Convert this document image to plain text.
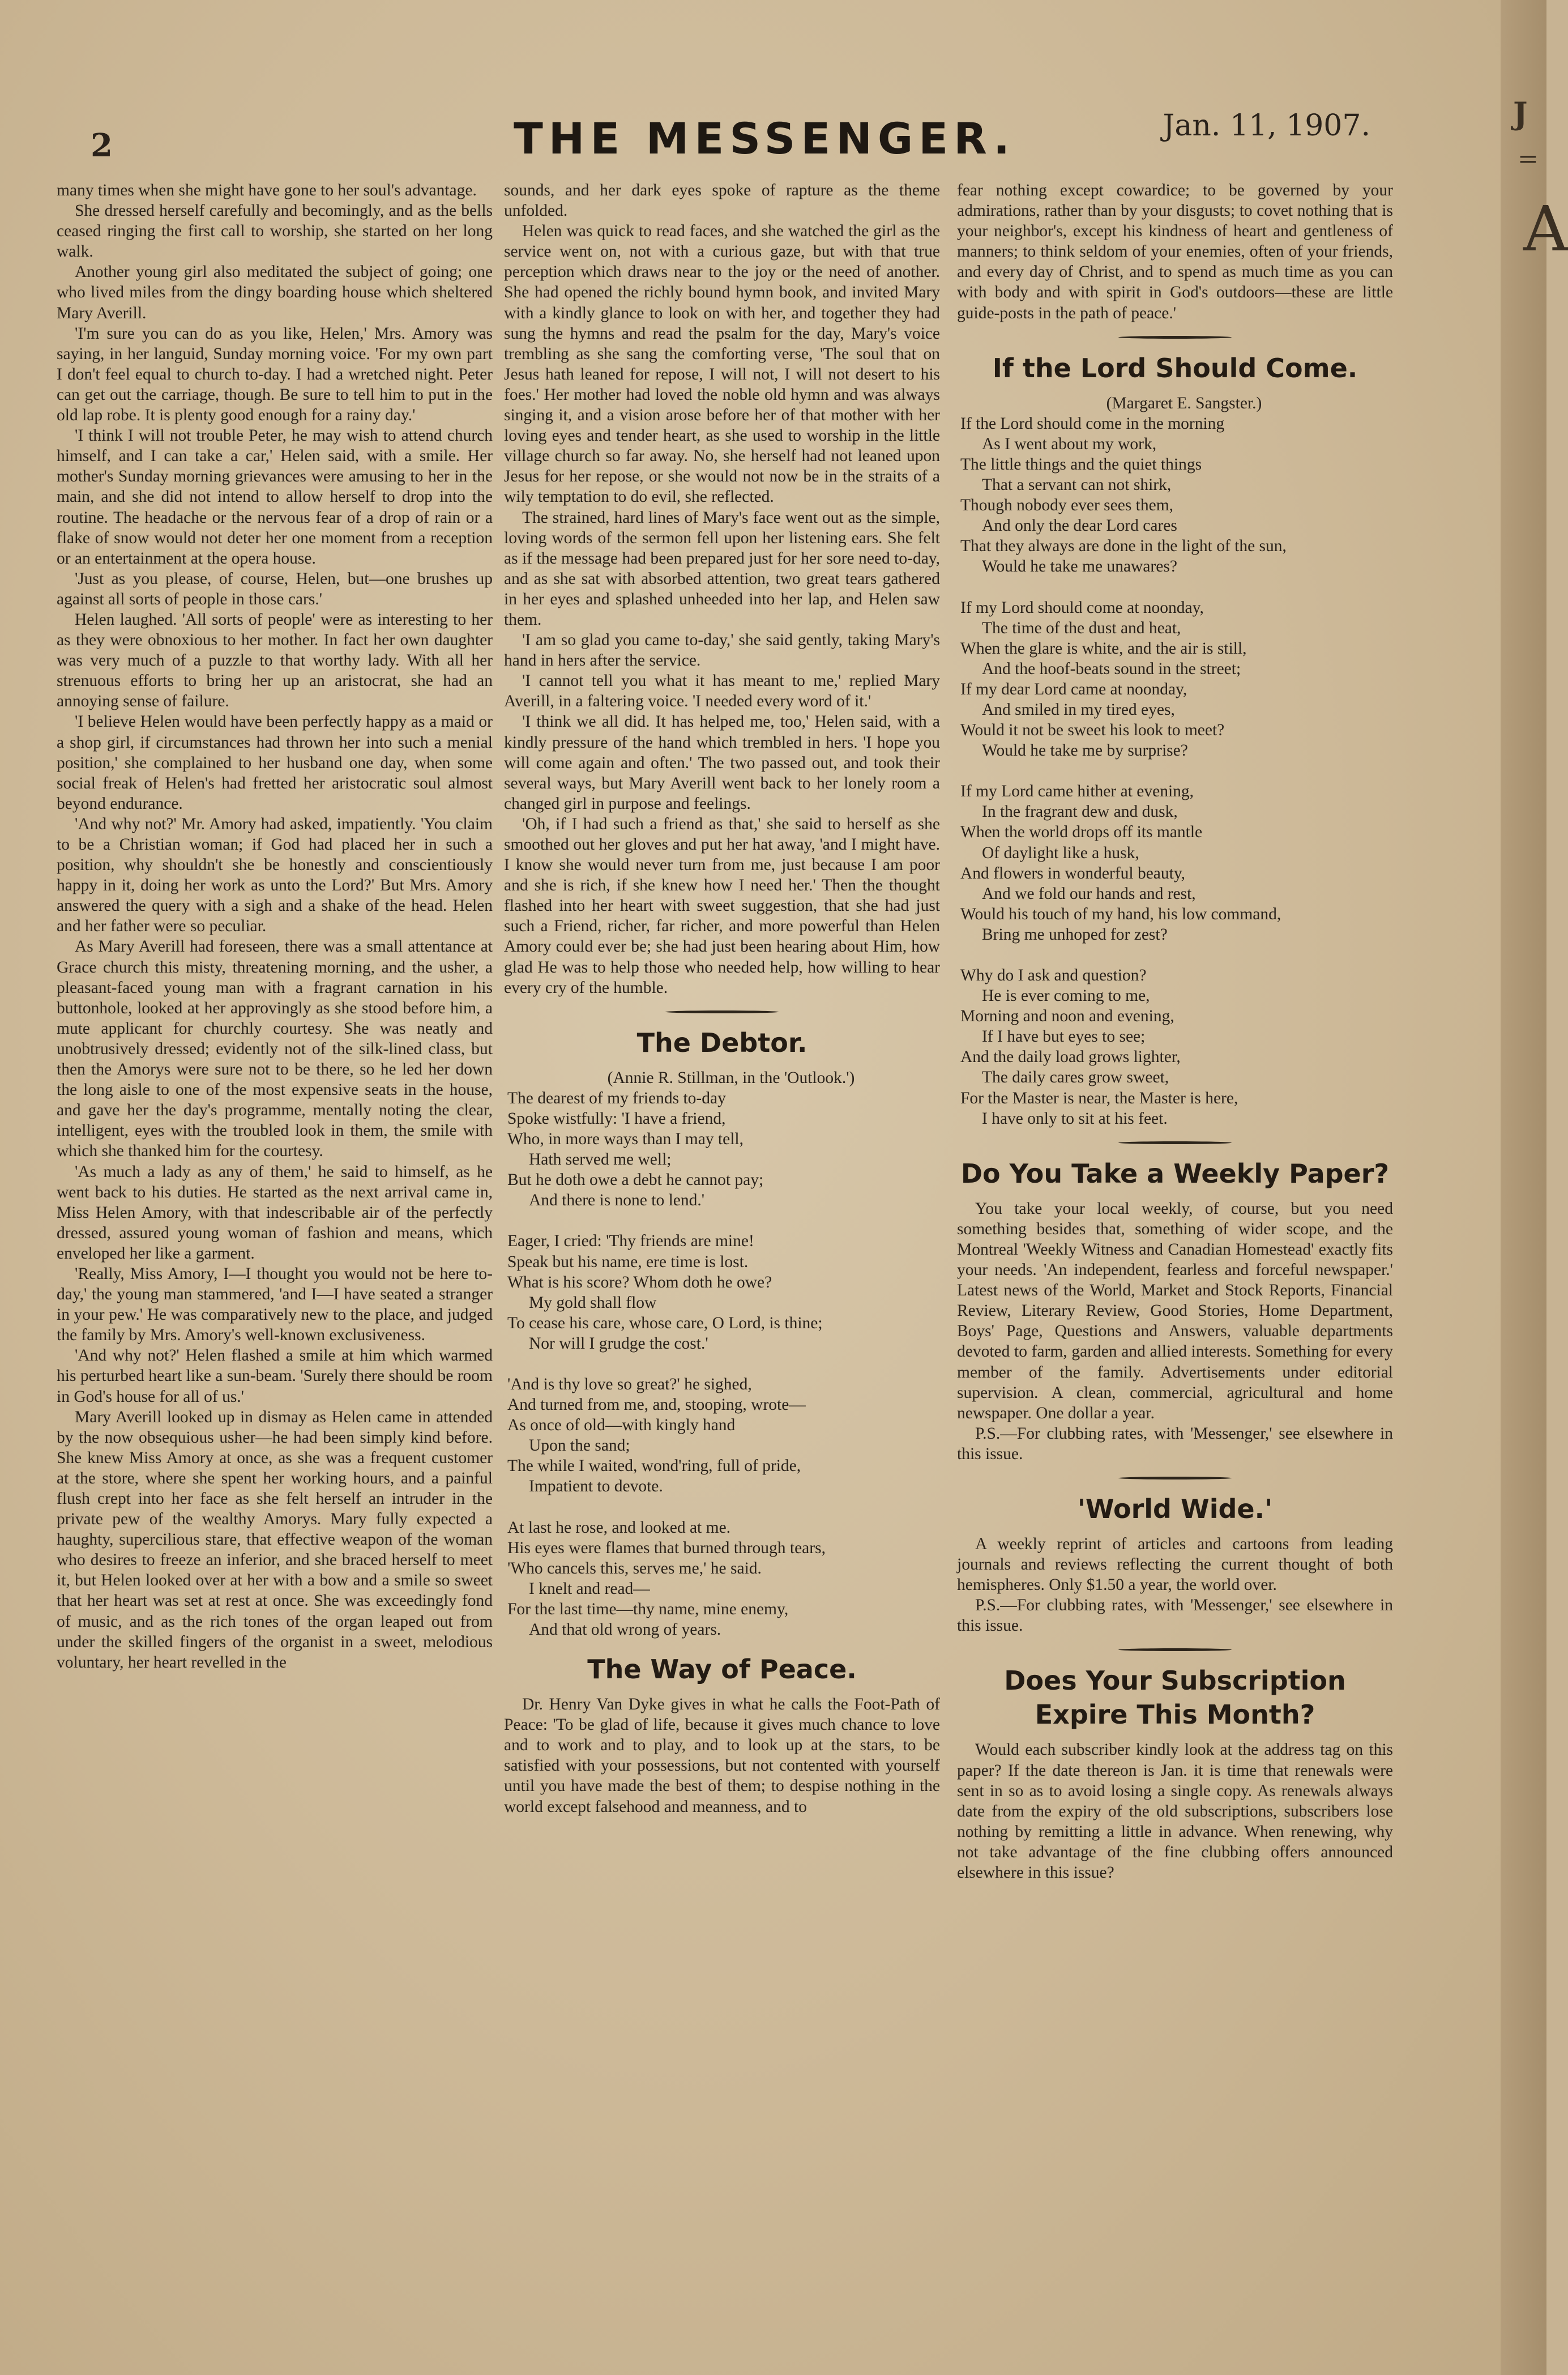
J
=
A
2	THE MESSENGER.	Jan. 11, 1907.

many times when she might have gone to her soul's advantage.

She dressed herself carefully and becomingly, and as the bells ceased ringing the first call to worship, she started on her long walk.

Another young girl also meditated the subject of going; one who lived miles from the dingy boarding house which sheltered Mary Averill.

'I'm sure you can do as you like, Helen,' Mrs. Amory was saying, in her languid, Sunday morning voice. 'For my own part I don't feel equal to church to-day. I had a wretched night. Peter can get out the carriage, though. Be sure to tell him to put in the old lap robe. It is plenty good enough for a rainy day.'

'I think I will not trouble Peter, he may wish to attend church himself, and I can take a car,' Helen said, with a smile. Her mother's Sunday morning grievances were amusing to her in the main, and she did not intend to allow herself to drop into the routine. The headache or the nervous fear of a drop of rain or a flake of snow would not deter her one moment from a reception or an entertainment at the opera house.

'Just as you please, of course, Helen, but—one brushes up against all sorts of people in those cars.'

Helen laughed. 'All sorts of people' were as interesting to her as they were obnoxious to her mother. In fact her own daughter was very much of a puzzle to that worthy lady. With all her strenuous efforts to bring her up an aristocrat, she had an annoying sense of failure.

'I believe Helen would have been perfectly happy as a maid or a shop girl, if circumstances had thrown her into such a menial position,' she complained to her husband one day, when some social freak of Helen's had fretted her aristocratic soul almost beyond endurance.

'And why not?' Mr. Amory had asked, impatiently. 'You claim to be a Christian woman; if God had placed her in such a position, why shouldn't she be honestly and conscientiously happy in it, doing her work as unto the Lord?' But Mrs. Amory answered the query with a sigh and a shake of the head. Helen and her father were so peculiar.

As Mary Averill had foreseen, there was a small attentance at Grace church this misty, threatening morning, and the usher, a pleasant-faced young man with a fragrant carnation in his buttonhole, looked at her approvingly as she stood before him, a mute applicant for churchly courtesy. She was neatly and unobtrusively dressed; evidently not of the silk-lined class, but then the Amorys were sure not to be there, so he led her down the long aisle to one of the most expensive seats in the house, and gave her the day's programme, mentally noting the clear, intelligent, eyes with the troubled look in them, the smile with which she thanked him for the courtesy.

'As much a lady as any of them,' he said to himself, as he went back to his duties. He started as the next arrival came in, Miss Helen Amory, with that indescribable air of the perfectly dressed, assured young woman of fashion and means, which enveloped her like a garment.

'Really, Miss Amory, I—I thought you would not be here to-day,' the young man stammered, 'and I—I have seated a stranger in your pew.' He was comparatively new to the place, and judged the family by Mrs. Amory's well-known exclusiveness.

'And why not?' Helen flashed a smile at him which warmed his perturbed heart like a sun-beam. 'Surely there should be room in God's house for all of us.'

Mary Averill looked up in dismay as Helen came in attended by the now obsequious usher—he had been simply kind before. She knew Miss Amory at once, as she was a frequent customer at the store, where she spent her working hours, and a painful flush crept into her face as she felt herself an intruder in the private pew of the wealthy Amorys. Mary fully expected a haughty, supercilious stare, that effective weapon of the woman who desires to freeze an inferior, and she braced herself to meet it, but Helen looked over at her with a bow and a smile so sweet that her heart was set at rest at once. She was exceedingly fond of music, and as the rich tones of the organ leaped out from under the skilled fingers of the organist in a sweet, melodious voluntary, her heart revelled in the

sounds, and her dark eyes spoke of rapture as the theme unfolded.

Helen was quick to read faces, and she watched the girl as the service went on, not with a curious gaze, but with that true perception which draws near to the joy or the need of another. She had opened the richly bound hymn book, and invited Mary with a kindly glance to look on with her, and together they had sung the hymns and read the psalm for the day, Mary's voice trembling as she sang the comforting verse, 'The soul that on Jesus hath leaned for repose, I will not, I will not desert to his foes.' Her mother had loved the noble old hymn and was always singing it, and a vision arose before her of that mother with her loving eyes and tender heart, as she used to worship in the little village church so far away. No, she herself had not leaned upon Jesus for her repose, or she would not now be in the straits of a wily temptation to do evil, she reflected.

The strained, hard lines of Mary's face went out as the simple, loving words of the sermon fell upon her listening ears. She felt as if the message had been prepared just for her sore need to-day, and as she sat with absorbed attention, two great tears gathered in her eyes and splashed unheeded into her lap, and Helen saw them.

'I am so glad you came to-day,' she said gently, taking Mary's hand in hers after the service.

'I cannot tell you what it has meant to me,' replied Mary Averill, in a faltering voice. 'I needed every word of it.'

'I think we all did. It has helped me, too,' Helen said, with a kindly pressure of the hand which trembled in hers. 'I hope you will come again and often.' The two passed out, and took their several ways, but Mary Averill went back to her lonely room a changed girl in purpose and feelings.

'Oh, if I had such a friend as that,' she said to herself as she smoothed out her gloves and put her hat away, 'and I might have. I know she would never turn from me, just because I am poor and she is rich, if she knew how I need her.' Then the thought flashed into her heart with sweet suggestion, that she had just such a Friend, richer, far richer, and more powerful than Helen Amory could ever be; she had just been hearing about Him, how glad He was to help those who needed help, how willing to hear every cry of the humble.

The Debtor.

(Annie R. Stillman, in the 'Outlook.')

The dearest of my friends to-day
Spoke wistfully: 'I have a friend,
Who, in more ways than I may tell,
Hath served me well;
But he doth owe a debt he cannot pay;
And there is none to lend.'
Eager, I cried: 'Thy friends are mine!
Speak but his name, ere time is lost.
What is his score? Whom doth he owe?
My gold shall flow
To cease his care, whose care, O Lord, is thine;
Nor will I grudge the cost.'
'And is thy love so great?' he sighed,
And turned from me, and, stooping, wrote—
As once of old—with kingly hand
Upon the sand;
The while I waited, wond'ring, full of pride,
Impatient to devote.
At last he rose, and looked at me.
His eyes were flames that burned through tears,
'Who cancels this, serves me,' he said.
I knelt and read—
For the last time—thy name, mine enemy,
And that old wrong of years.
The Way of Peace.

Dr. Henry Van Dyke gives in what he calls the Foot-Path of Peace: 'To be glad of life, because it gives much chance to love and to work and to play, and to look up at the stars, to be satisfied with your possessions, but not contented with yourself until you have made the best of them; to despise nothing in the world except falsehood and meanness, and to

fear nothing except cowardice; to be governed by your admirations, rather than by your disgusts; to covet nothing that is your neighbor's, except his kindness of heart and gentleness of manners; to think seldom of your enemies, often of your friends, and every day of Christ, and to spend as much time as you can with body and with spirit in God's outdoors—these are little guide-posts in the path of peace.'

If the Lord Should Come.

(Margaret E. Sangster.)

If the Lord should come in the morning
As I went about my work,
The little things and the quiet things
That a servant can not shirk,
Though nobody ever sees them,
And only the dear Lord cares
That they always are done in the light of the sun,
Would he take me unawares?
If my Lord should come at noonday,
The time of the dust and heat,
When the glare is white, and the air is still,
And the hoof-beats sound in the street;
If my dear Lord came at noonday,
And smiled in my tired eyes,
Would it not be sweet his look to meet?
Would he take me by surprise?
If my Lord came hither at evening,
In the fragrant dew and dusk,
When the world drops off its mantle
Of daylight like a husk,
And flowers in wonderful beauty,
And we fold our hands and rest,
Would his touch of my hand, his low command,
Bring me unhoped for zest?
Why do I ask and question?
He is ever coming to me,
Morning and noon and evening,
If I have but eyes to see;
And the daily load grows lighter,
The daily cares grow sweet,
For the Master is near, the Master is here,
I have only to sit at his feet.
Do You Take a Weekly Paper?

You take your local weekly, of course, but you need something besides that, something of wider scope, and the Montreal 'Weekly Witness and Canadian Homestead' exactly fits your needs. 'An independent, fearless and forceful newspaper.' Latest news of the World, Market and Stock Reports, Financial Review, Literary Review, Good Stories, Home Department, Boys' Page, Questions and Answers, valuable departments devoted to farm, garden and allied interests. Something for every member of the family. Advertisements under editorial supervision. A clean, commercial, agricultural and home newspaper. One dollar a year.

P.S.—For clubbing rates, with 'Messenger,' see elsewhere in this issue.

'World Wide.'

A weekly reprint of articles and cartoons from leading journals and reviews reflecting the current thought of both hemispheres. Only $1.50 a year, the world over.

P.S.—For clubbing rates, with 'Messenger,' see elsewhere in this issue.

Does Your Subscription Expire This Month?

Would each subscriber kindly look at the address tag on this paper? If the date thereon is Jan. it is time that renewals were sent in so as to avoid losing a single copy. As renewals always date from the expiry of the old subscriptions, subscribers lose nothing by remitting a little in advance. When renewing, why not take advantage of the fine clubbing offers announced elsewhere in this issue?
